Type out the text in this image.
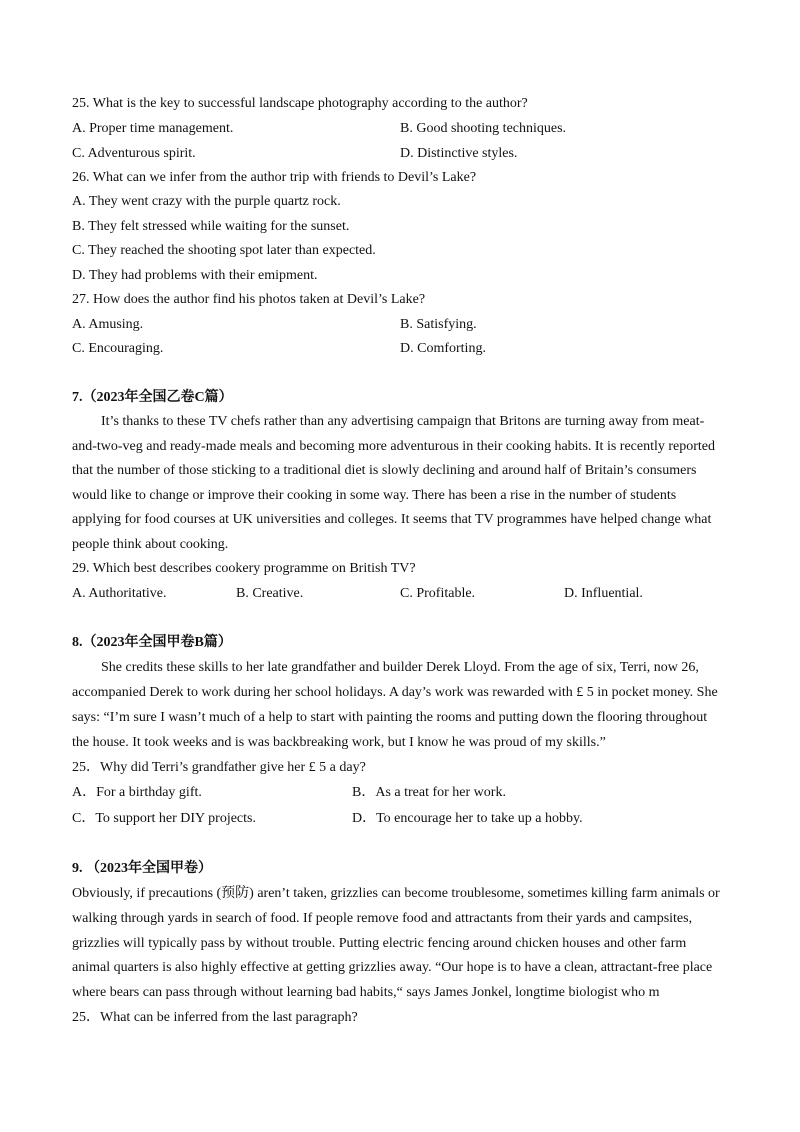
25. What is the key to successful landscape photography according to the author?
A. Proper time management.	B. Good shooting techniques.
C. Adventurous spirit.	D. Distinctive styles.
26. What can we infer from the author trip with friends to Devil’s Lake?
A. They went crazy with the purple quartz rock.
B. They felt stressed while waiting for the sunset.
C. They reached the shooting spot later than expected.
D. They had problems with their emipment.
27. How does the author find his photos taken at Devil’s Lake?
A. Amusing.	B. Satisfying.
C. Encouraging.	D. Comforting.
7.（2023年全国乙卷C篇）
It’s thanks to these TV chefs rather than any advertising campaign that Britons are turning away from meat-
and-two-veg and ready-made meals and becoming more adventurous in their cooking habits. It is recently reported
that the number of those sticking to a traditional diet is slowly declining and around half of Britain’s consumers
would like to change or improve their cooking in some way. There has been a rise in the number of students
applying for food courses at UK universities and colleges. It seems that TV programmes have helped change what
people think about cooking.
29. Which best describes cookery programme on British TV?
A. Authoritative.	B. Creative.	C. Profitable.	D. Influential.
8.（2023年全国甲卷B篇）
She credits these skills to her late grandfather and builder Derek Lloyd. From the age of six, Terri, now 26,
accompanied Derek to work during her school holidays. A day’s work was rewarded with £ 5 in pocket money. She
says: “I’m sure I wasn’t much of a help to start with painting the rooms and putting down the flooring throughout
the house. It took weeks and is was backbreaking work, but I know he was proud of my skills.”
25．Why did Terri’s grandfather give her £ 5 a day?
A．For a birthday gift.	B．As a treat for her work.
C．To support her DIY projects.	D．To encourage her to take up a hobby.
9. （2023年全国甲卷）
Obviously, if precautions (预防) aren’t taken, grizzlies can become troublesome, sometimes killing farm animals or
walking through yards in search of food. If people remove food and attractants from their yards and campsites,
grizzlies will typically pass by without trouble. Putting electric fencing around chicken houses and other farm
animal quarters is also highly effective at getting grizzlies away. “Our hope is to have a clean, attractant-free place
where bears can pass through without learning bad habits,“ says James Jonkel, longtime biologist who m
25．What can be inferred from the last paragraph?
